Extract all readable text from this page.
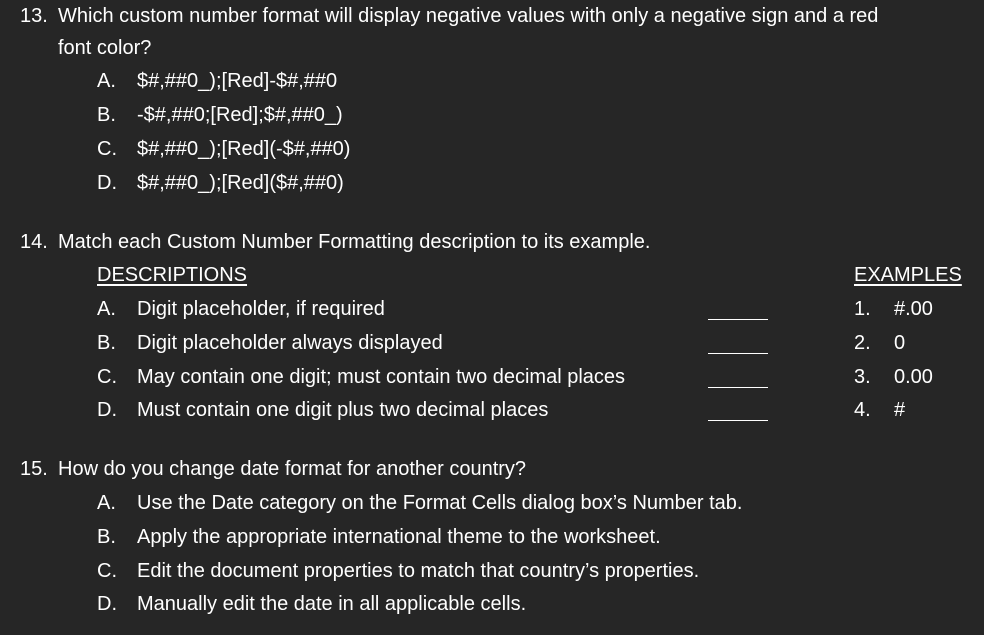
13. Which custom number format will display negative values with only a negative sign and a red
font color?
A. $#,##0_);[Red]-$#,##0
B. -$#,##0;[Red];$#,##0_)
C. $#,##0_);[Red](-$#,##0)
D. $#,##0_);[Red]($#,##0)
14. Match each Custom Number Formatting description to its example.
DESCRIPTIONS	EXAMPLES
A. Digit placeholder, if required
B. Digit placeholder always displayed
C. May contain one digit; must contain two decimal places
D. Must contain one digit plus two decimal places
1. #.00
2. 0
3. 0.00
4. #
15. How do you change date format for another country?
A. Use the Date category on the Format Cells dialog box’s Number tab.
B. Apply the appropriate international theme to the worksheet.
C. Edit the document properties to match that country’s properties.
D. Manually edit the date in all applicable cells.
